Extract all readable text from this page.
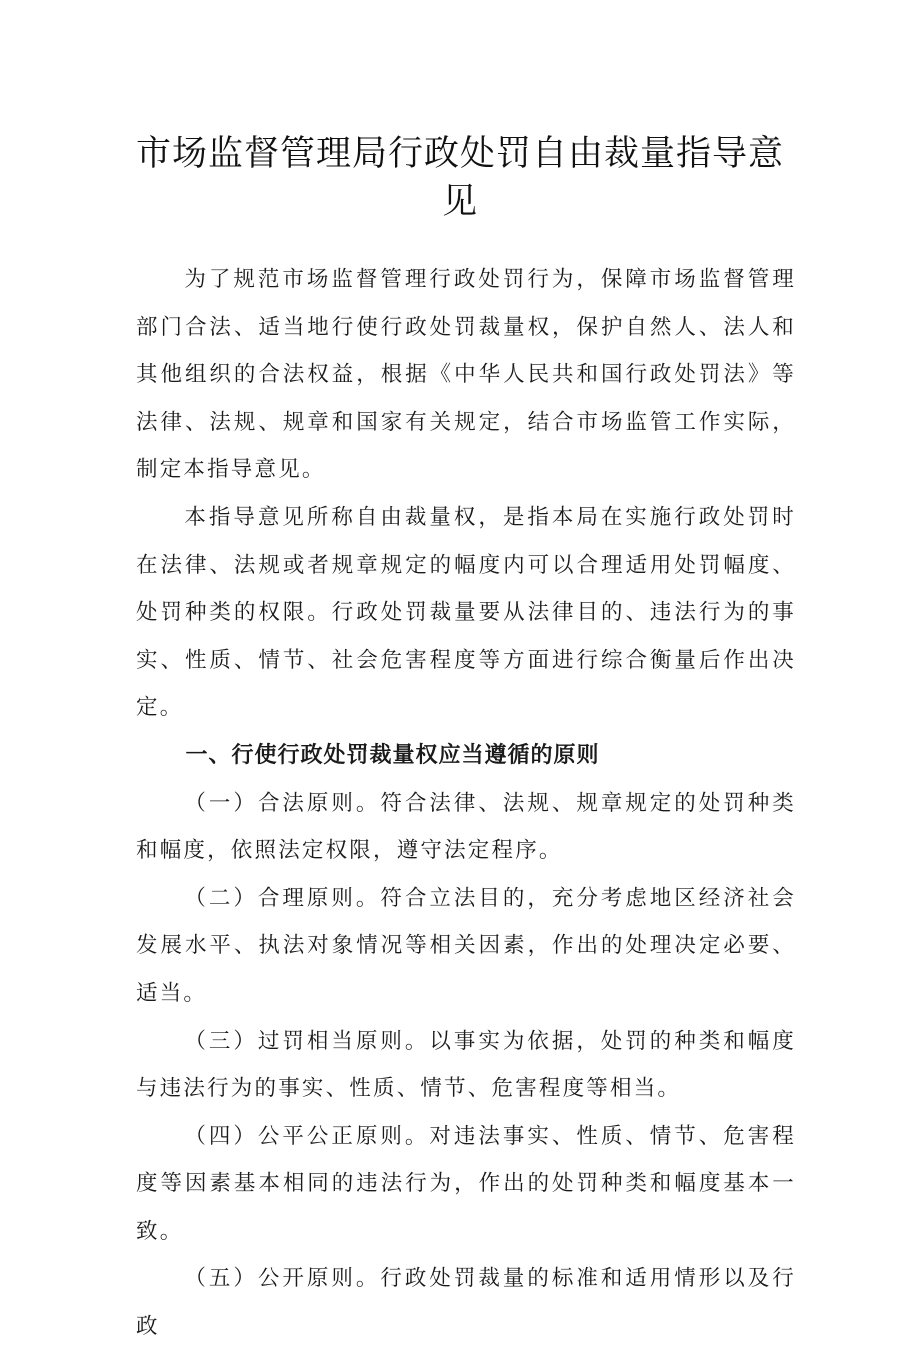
市场监督管理局行政处罚自由裁量指导意见

为了规范市场监督管理行政处罚行为，保障市场监督管理部门合法、适当地行使行政处罚裁量权，保护自然人、法人和其他组织的合法权益，根据《中华人民共和国行政处罚法》等法律、法规、规章和国家有关规定，结合市场监管工作实际，制定本指导意见。

本指导意见所称自由裁量权，是指本局在实施行政处罚时在法律、法规或者规章规定的幅度内可以合理适用处罚幅度、处罚种类的权限。行政处罚裁量要从法律目的、违法行为的事实、性质、情节、社会危害程度等方面进行综合衡量后作出决定。

一、行使行政处罚裁量权应当遵循的原则

（一）合法原则。符合法律、法规、规章规定的处罚种类和幅度，依照法定权限，遵守法定程序。

（二）合理原则。符合立法目的，充分考虑地区经济社会发展水平、执法对象情况等相关因素，作出的处理决定必要、适当。

（三）过罚相当原则。以事实为依据，处罚的种类和幅度与违法行为的事实、性质、情节、危害程度等相当。

（四）公平公正原则。对违法事实、性质、情节、危害程度等因素基本相同的违法行为，作出的处罚种类和幅度基本一致。

（五）公开原则。行政处罚裁量的标准和适用情形以及行政
